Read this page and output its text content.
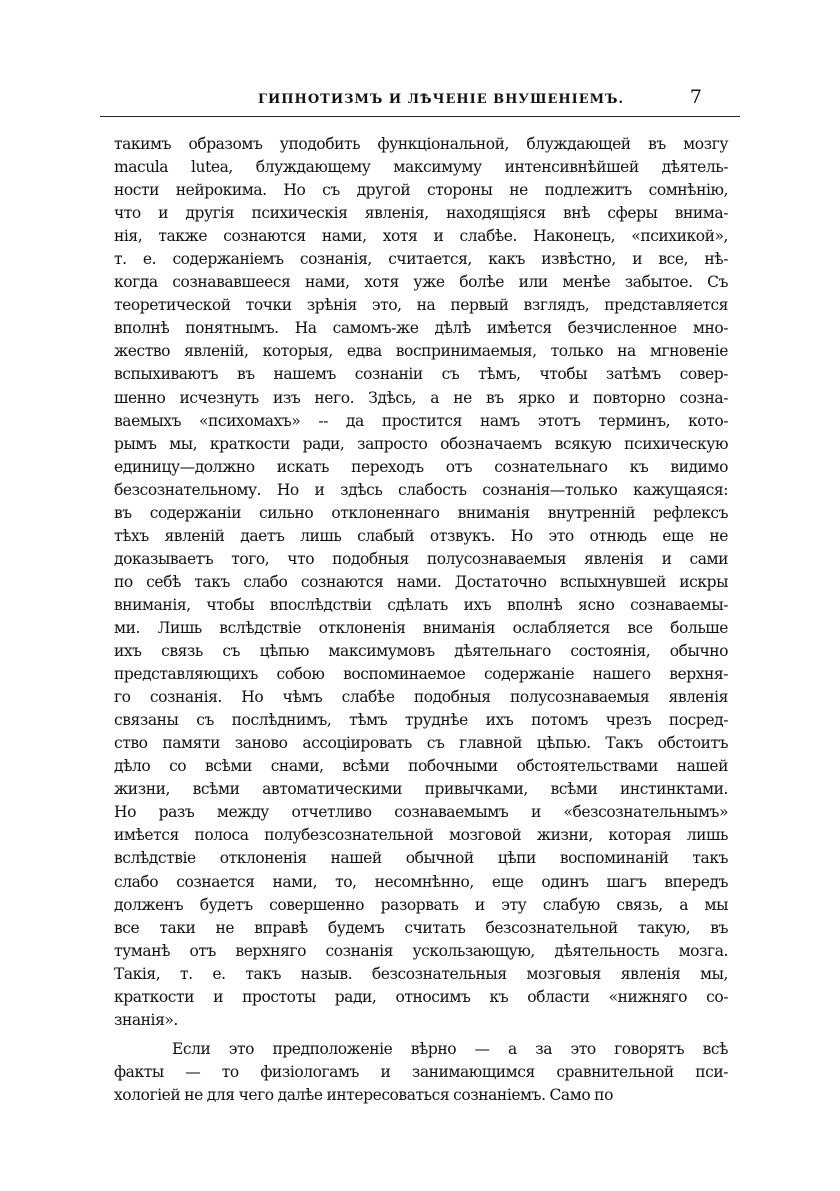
ГИПНОТИЗМЪ И ЛѢЧЕНІЕ ВНУШЕНІЕМЪ.	7
такимъ образомъ уподобить функціональной, блуждающей въ мозгу
macula lutea, блуждающему максимуму интенсивнѣйшей дѣятель-
ности нейрокима. Но съ другой стороны не подлежитъ сомнѣнію,
что и другія психическія явленія, находящіяся внѣ сферы внима-
нія, также сознаются нами, хотя и слабѣе. Наконецъ, «психикой»,
т. е. содержаніемъ сознанія, считается, какъ извѣстно, и все, нѣ-
когда сознававшееся нами, хотя уже болѣе или менѣе забытое. Съ
теоретической точки зрѣнія это, на первый взглядъ, представляется
вполнѣ понятнымъ. На самомъ-же дѣлѣ имѣется безчисленное мно-
жество явленій, которыя, едва воспринимаемыя, только на мгновеніе
вспыхиваютъ въ нашемъ сознаніи съ тѣмъ, чтобы затѣмъ совер-
шенно исчезнуть изъ него. Здѣсь, а не въ ярко и повторно созна-
ваемыхъ «психомахъ» -- да проститcя намъ этотъ терминъ, кото-
рымъ мы, краткости ради, запросто обозначаемъ всякую психическую
единицу—должно искать переходъ отъ сознательнаго къ видимо
безсознательному. Но и здѣсь слабость сознанія—только кажущаяся:
въ содержаніи сильно отклоненнаго вниманія внутренній рефлексъ
тѣхъ явленій даетъ лишь слабый отзвукъ. Но это отнюдь еще не
доказываетъ того, что подобныя полусознаваемыя явленія и сами
по себѣ такъ слабо сознаются нами. Достаточно вспыхнувшей искры
вниманія, чтобы впослѣдствіи сдѣлать ихъ вполнѣ ясно сознаваемы-
ми. Лишь вслѣдствіе отклоненія вниманія ослабляется все больше
ихъ связь съ цѣпью максимумовъ дѣятельнаго состоянія, обычно
представляющихъ собою воспоминаемое содержаніе нашего верхня-
го сознанія. Но чѣмъ слабѣе подобныя полусознаваемыя явленія
связаны съ послѣднимъ, тѣмъ труднѣе ихъ потомъ чрезъ посред-
ство памяти заново ассоціировать съ главной цѣпью. Такъ обстоитъ
дѣло со всѣми снами, всѣми побочными обстоятельствами нашей
жизни, всѣми автоматическими привычками, всѣми инстинктами.
Но разъ между отчетливо сознаваемымъ и «безсознательнымъ»
имѣется полоса полубезсознательной мозговой жизни, которая лишь
вслѣдствіе отклоненія нашей обычной цѣпи воспоминаній такъ
слабо сознается нами, то, несомнѣнно, еще одинъ шагъ впередъ
долженъ будетъ совершенно разорвать и эту слабую связь, а мы
все таки не вправѣ будемъ считать безсознательной такую, въ
туманѣ отъ верхняго сознанія ускользающую, дѣятельность мозга.
Такія, т. е. такъ назыв. безсознательныя мозговыя явленія мы,
краткости и простоты ради, относимъ къ области «нижняго со-
знанія».
Если это предположеніе вѣрно — а за это говорятъ всѣ
факты — то физіологамъ и занимающимся сравнительной пси-
хологіей не для чего далѣе интересоваться сознаніемъ. Само по
